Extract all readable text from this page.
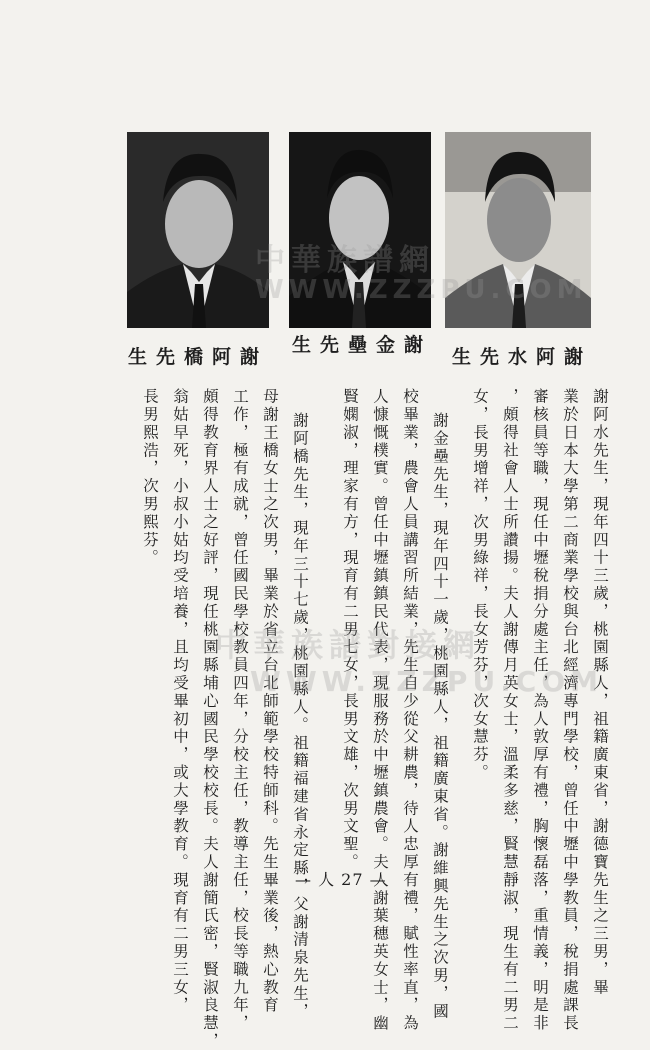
謝阿橋先生
謝金壘先生
謝阿水先生
謝阿水先生，現年四十三歲，桃園縣人，祖籍廣東省，謝德寶先生之三男，畢
業於日本大學第二商業學校與台北經濟專門學校，曾任中壢中學教員，稅捐處課長
審核員等職，現任中壢稅捐分處主任，為人敦厚有禮，胸懷磊落，重情義，明是非
，頗得社會人士所讚揚。夫人謝傳月英女士，溫柔多慈，賢慧靜淑，現生有二男二
女，長男增祥，次男綠祥，長女芳芬，次女慧芬。
謝金壘先生，現年四十一歲，桃園縣人，祖籍廣東省。謝維興先生之次男，國
校畢業，農會人員講習所結業，先生自少從父耕農，待人忠厚有禮，賦性率直，為
人慷慨樸實。曾任中壢鎮鎮民代表，現服務於中壢鎮農會。夫人謝葉穗英女士，幽
賢嫻淑，理家有方，現育有二男七女，長男文雄，次男文聖。
謝阿橋先生，現年三十七歲，桃園縣人。祖籍福建省永定縣，父謝清泉先生，
母謝王橋女士之次男，畢業於省立台北師範學校特師科。先生畢業後，熱心教育
工作，極有成就，曾任國民學校教員四年，分校主任，教導主任，校長等職九年，
頗得教育界人士之好評，現任桃園縣埔心國民學校校長。夫人謝簡氏密，賢淑良慧，
翁姑早死，小叔小姑均受培養，且均受畢初中，或大學教育。現育有二男三女，
長男熙浩，次男熙芬。
中華族譜網
WWW.ZZZPU.COM
中華族譜對接網
WWW.ZZZPU.COM
— 人 27 —
